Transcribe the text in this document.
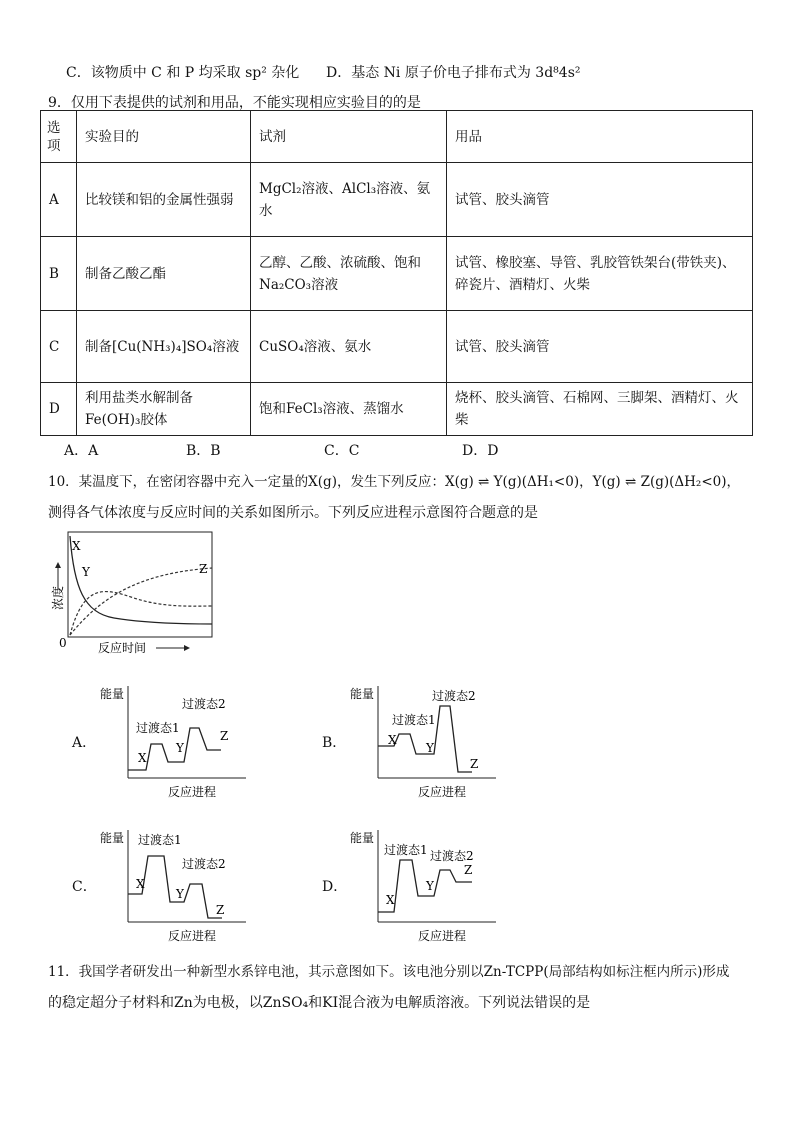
C．该物质中 C 和 P 均采取 sp² 杂化 D．基态 Ni 原子价电子排布式为 3d⁸4s²
9．仅用下表提供的试剂和用品，不能实现相应实验目的的是
选项	实验目的	试剂	用品
A	比较镁和铝的金属性强弱	MgCl₂溶液、AlCl₃溶液、氨水	试管、胶头滴管
B	制备乙酸乙酯	乙醇、乙酸、浓硫酸、饱和Na₂CO₃溶液	试管、橡胶塞、导管、乳胶管铁架台(带铁夹)、碎瓷片、酒精灯、火柴
C	制备[Cu(NH₃)₄]SO₄溶液	CuSO₄溶液、氨水	试管、胶头滴管
D	利用盐类水解制备Fe(OH)₃胶体	饱和FeCl₃溶液、蒸馏水	烧杯、胶头滴管、石棉网、三脚架、酒精灯、火柴
A．A	B．B	C．C	D．D
10．某温度下，在密闭容器中充入一定量的X(g)，发生下列反应：X(g) ⇌ Y(g)(ΔH₁<0)，Y(g) ⇌ Z(g)(ΔH₂<0)，
测得各气体浓度与反应时间的关系如图所示。下列反应进程示意图符合题意的是
X
Y	Z
0	反应时间
浓度
A．
能量
过渡态1
过渡态2
X
Y
Z
反应进程
B．
能量
过渡态1
过渡态2
X
Y
Z
反应进程
C．
能量 过渡态1
过渡态2
X
Y
Z
反应进程
D．
能量
过渡态1 过渡态2
X
Y
Z
反应进程
11．我国学者研发出一种新型水系锌电池，其示意图如下。该电池分别以Zn-TCPP(局部结构如标注框内所示)形成
的稳定超分子材料和Zn为电极，以ZnSO₄和KI混合液为电解质溶液。下列说法错误的是
